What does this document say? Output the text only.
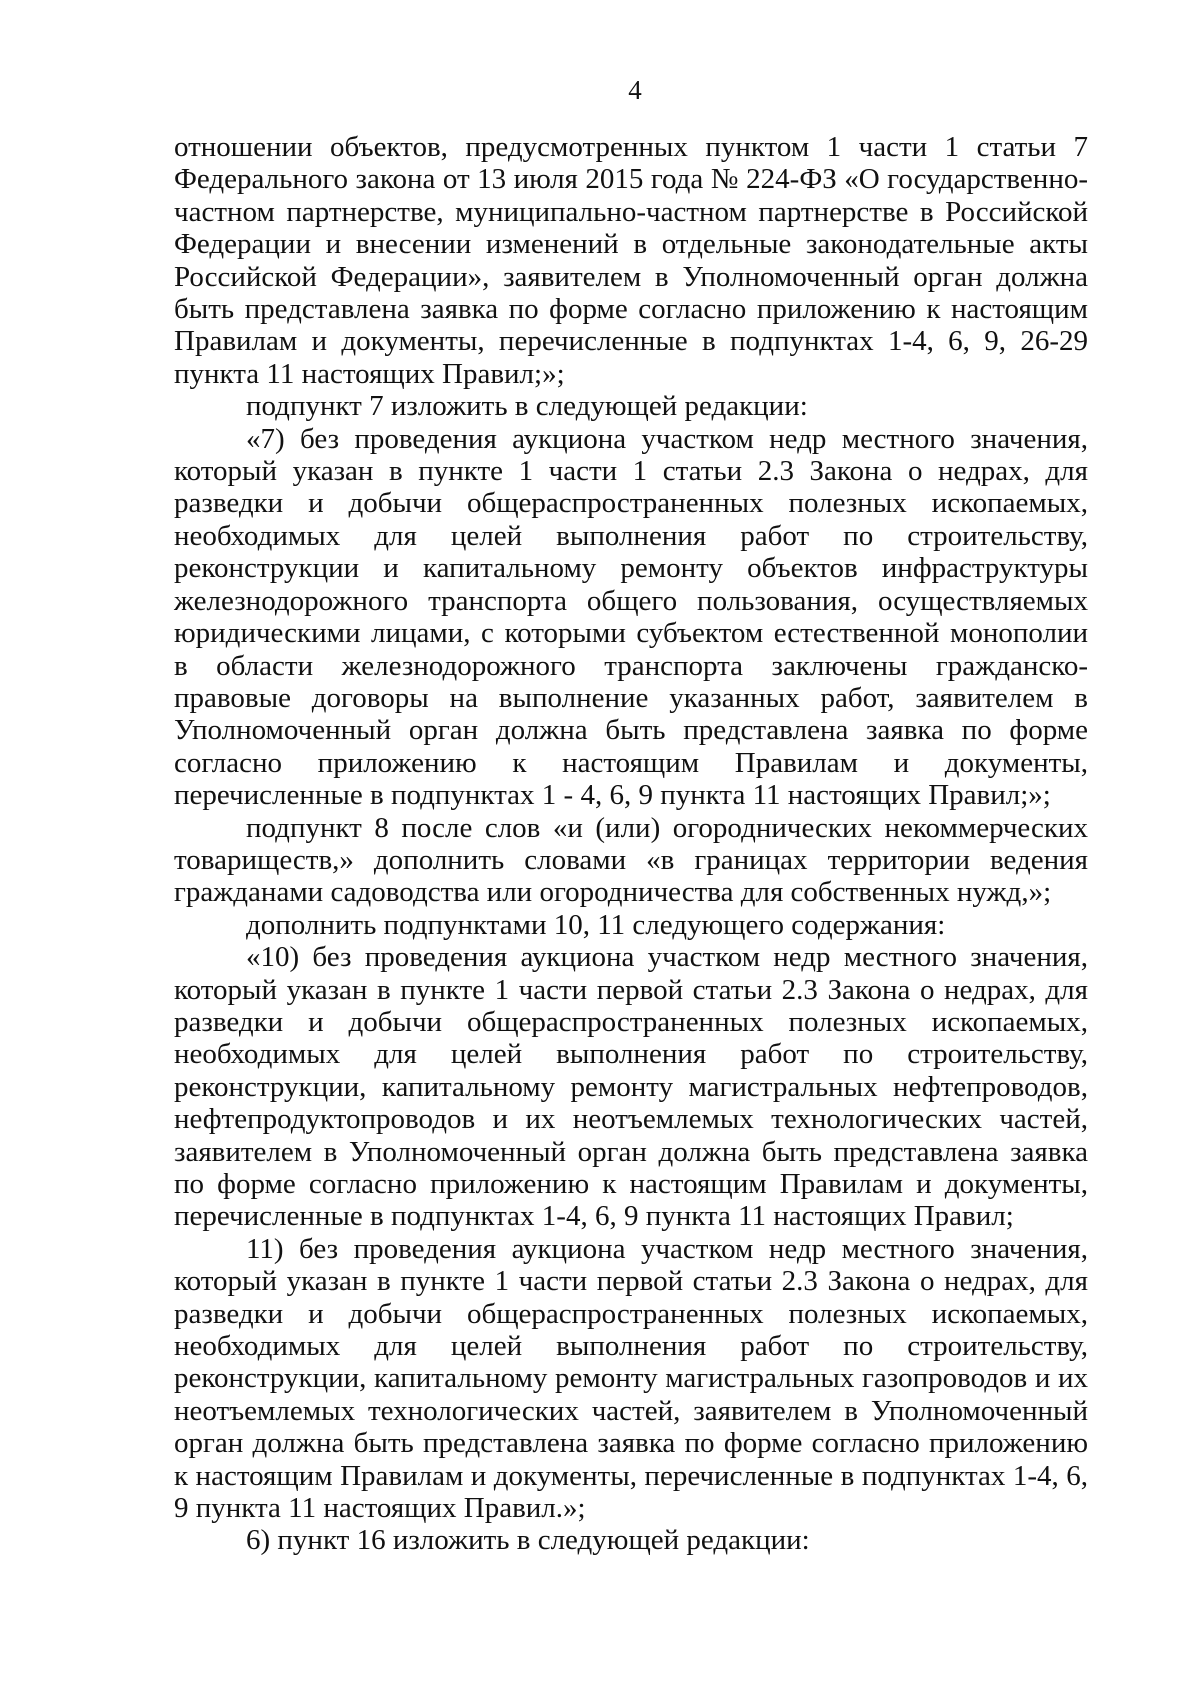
4

отношении объектов, предусмотренных пунктом 1 части 1 статьи 7 Федерального закона от 13 июля 2015 года № 224-ФЗ «О государственно-частном партнерстве, муниципально-частном партнерстве в Российской Федерации и внесении изменений в отдельные законодательные акты Российской Федерации», заявителем в Уполномоченный орган должна быть представлена заявка по форме согласно приложению к настоящим Правилам и документы, перечисленные в подпунктах 1-4, 6, 9, 26-29 пункта 11 настоящих Правил;»;

подпункт 7 изложить в следующей редакции:

«7) без проведения аукциона участком недр местного значения, который указан в пункте 1 части 1 статьи 2.3 Закона о недрах, для разведки и добычи общераспространенных полезных ископаемых, необходимых для целей выполнения работ по строительству, реконструкции и капитальному ремонту объектов инфраструктуры железнодорожного транспорта общего пользования, осуществляемых юридическими лицами, с которыми субъектом естественной монополии в области железнодорожного транспорта заключены гражданско-правовые договоры на выполнение указанных работ, заявителем в Уполномоченный орган должна быть представлена заявка по форме согласно приложению к настоящим Правилам и документы, перечисленные в подпунктах 1 - 4, 6, 9 пункта 11 настоящих Правил;»;

подпункт 8 после слов «и (или) огороднических некоммерческих товариществ,» дополнить словами «в границах территории ведения гражданами садоводства или огородничества для собственных нужд,»;

дополнить подпунктами 10, 11 следующего содержания:

«10) без проведения аукциона участком недр местного значения, который указан в пункте 1 части первой статьи 2.3 Закона о недрах, для разведки и добычи общераспространенных полезных ископаемых, необходимых для целей выполнения работ по строительству, реконструкции, капитальному ремонту магистральных нефтепроводов, нефтепродуктопроводов и их неотъемлемых технологических частей, заявителем в Уполномоченный орган должна быть представлена заявка по форме согласно приложению к настоящим Правилам и документы, перечисленные в подпунктах 1-4, 6, 9 пункта 11 настоящих Правил;

11) без проведения аукциона участком недр местного значения, который указан в пункте 1 части первой статьи 2.3 Закона о недрах, для разведки и добычи общераспространенных полезных ископаемых, необходимых для целей выполнения работ по строительству, реконструкции, капитальному ремонту магистральных газопроводов и их неотъемлемых технологических частей, заявителем в Уполномоченный орган должна быть представлена заявка по форме согласно приложению к настоящим Правилам и документы, перечисленные в подпунктах 1-4, 6, 9 пункта 11 настоящих Правил.»;

6) пункт 16 изложить в следующей редакции:
